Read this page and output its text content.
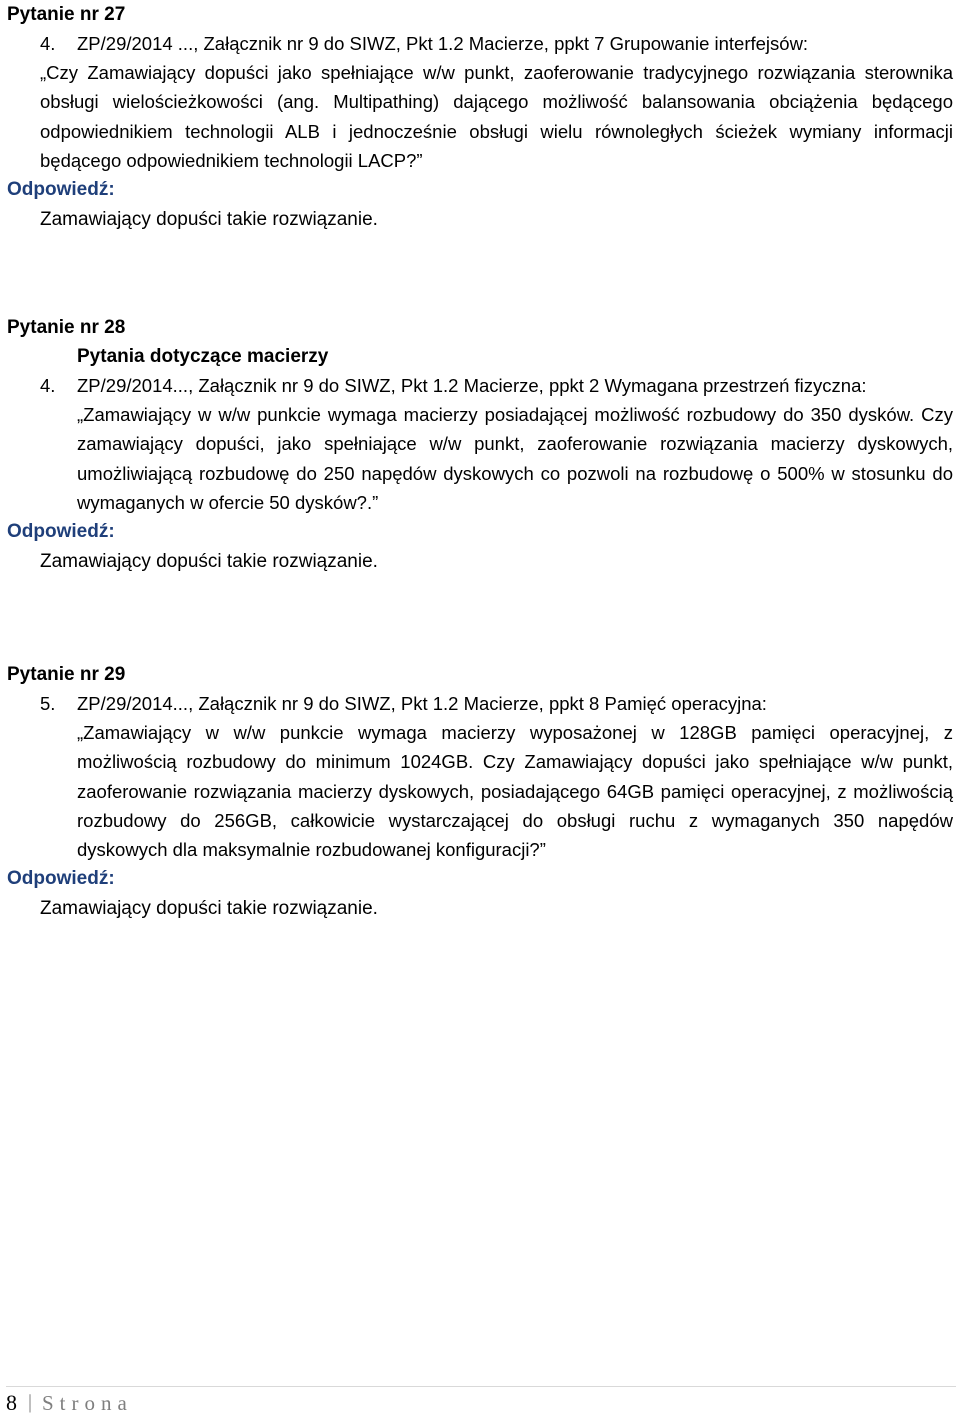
Pytanie nr 27
4. ZP/29/2014 ..., Załącznik nr 9 do SIWZ, Pkt 1.2 Macierze, ppkt 7 Grupowanie interfejsów:

„Czy Zamawiający dopuści jako spełniające w/w punkt, zaoferowanie tradycyjnego rozwiązania sterownika obsługi wielościeżkowości (ang. Multipathing) dającego możliwość balansowania obciążenia będącego odpowiednikiem technologii ALB i jednocześnie obsługi wielu równoległych ścieżek wymiany informacji będącego odpowiednikiem technologii LACP?”

Odpowiedź:
Zamawiający dopuści takie rozwiązanie.
Pytanie nr 28
Pytania dotyczące macierzy
4. ZP/29/2014..., Załącznik nr 9 do SIWZ, Pkt 1.2 Macierze, ppkt 2 Wymagana przestrzeń fizyczna:

„Zamawiający w w/w punkcie wymaga macierzy posiadającej możliwość rozbudowy do 350 dysków. Czy zamawiający dopuści, jako spełniające w/w punkt, zaoferowanie rozwiązania macierzy dyskowych, umożliwiającą rozbudowę do 250 napędów dyskowych co pozwoli na rozbudowę o 500% w stosunku do wymaganych w ofercie 50 dysków?.”

Odpowiedź:
Zamawiający dopuści takie rozwiązanie.
Pytanie nr 29
5. ZP/29/2014..., Załącznik nr 9 do SIWZ, Pkt 1.2 Macierze, ppkt 8 Pamięć operacyjna:

„Zamawiający w w/w punkcie wymaga macierzy wyposażonej w 128GB pamięci operacyjnej, z możliwością rozbudowy do minimum 1024GB. Czy Zamawiający dopuści jako spełniające w/w punkt, zaoferowanie rozwiązania macierzy dyskowych, posiadającego 64GB pamięci operacyjnej, z możliwością rozbudowy do 256GB, całkowicie wystarczającej do obsługi ruchu z wymaganych 350 napędów dyskowych dla maksymalnie rozbudowanej konfiguracji?”

Odpowiedź:
Zamawiający dopuści takie rozwiązanie.
8 | Strona
